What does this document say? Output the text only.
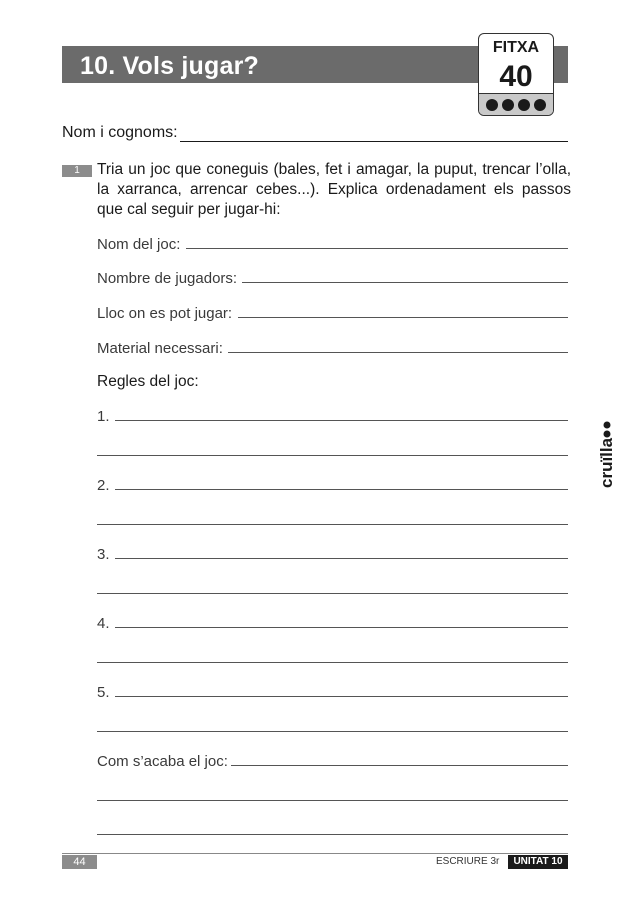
10. Vols jugar?
FITXA
40
Nom i cognoms:
1	Tria un joc que coneguis (bales, fet i amagar, la puput, trencar l’olla, la xarranca, arrencar cebes...). Explica ordenadament els passos que cal seguir per jugar-hi:
Nom del joc:
Nombre de jugadors:
Lloc on es pot jugar:
Material necessari:
Regles del joc:
1.
2.
3.
4.
5.
Com s’acaba el joc:
cruïlla
44	ESCRIURE 3r	UNITAT 10
